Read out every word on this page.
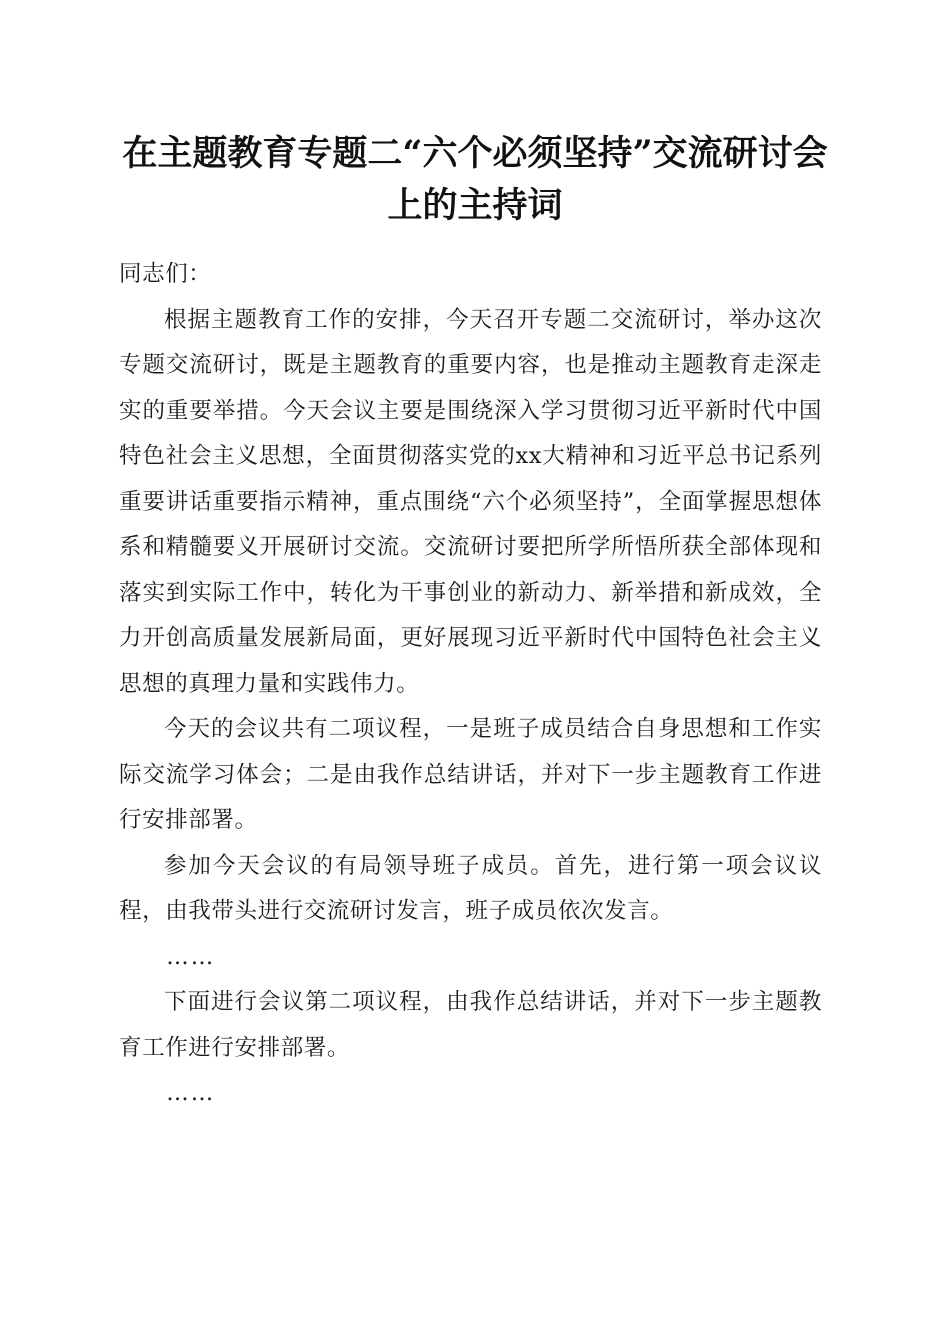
在主题教育专题二“六个必须坚持”交流研讨会上的主持词

同志们：

根据主题教育工作的安排，今天召开专题二交流研讨，举办这次专题交流研讨，既是主题教育的重要内容，也是推动主题教育走深走实的重要举措。今天会议主要是围绕深入学习贯彻习近平新时代中国特色社会主义思想，全面贯彻落实党的xx大精神和习近平总书记系列重要讲话重要指示精神，重点围绕“六个必须坚持”，全面掌握思想体系和精髓要义开展研讨交流。交流研讨要把所学所悟所获全部体现和落实到实际工作中，转化为干事创业的新动力、新举措和新成效，全力开创高质量发展新局面，更好展现习近平新时代中国特色社会主义思想的真理力量和实践伟力。

今天的会议共有二项议程，一是班子成员结合自身思想和工作实际交流学习体会；二是由我作总结讲话，并对下一步主题教育工作进行安排部署。

参加今天会议的有局领导班子成员。首先，进行第一项会议议程，由我带头进行交流研讨发言，班子成员依次发言。

……

下面进行会议第二项议程，由我作总结讲话，并对下一步主题教育工作进行安排部署。

……
